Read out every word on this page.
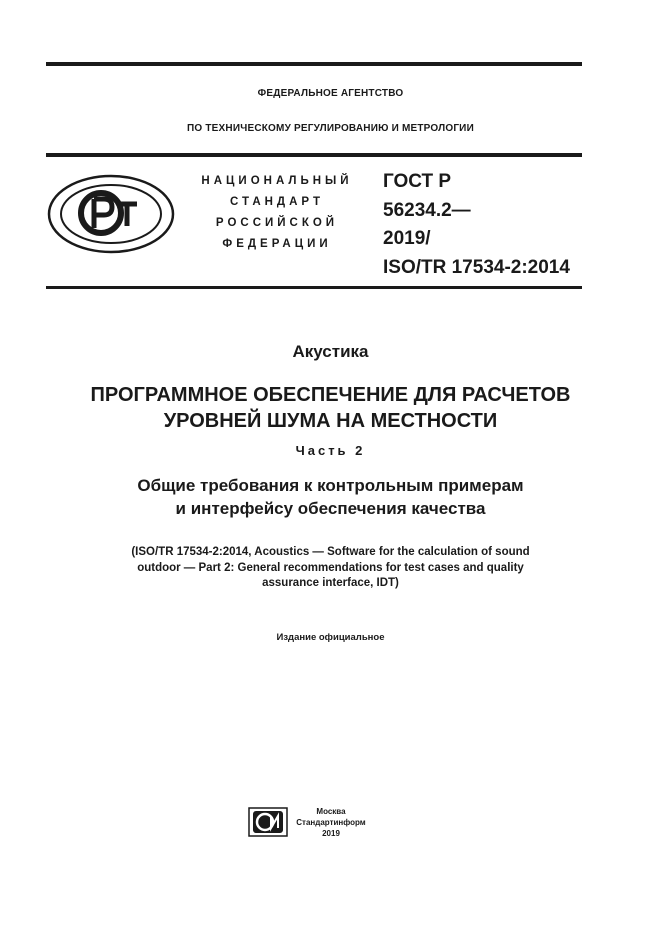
ФЕДЕРАЛЬНОЕ АГЕНТСТВО
ПО ТЕХНИЧЕСКОМУ РЕГУЛИРОВАНИЮ И МЕТРОЛОГИИ
НАЦИОНАЛЬНЫЙ
СТАНДАРТ
РОССИЙСКОЙ
ФЕДЕРАЦИИ
ГОСТ Р
56234.2—
2019/
ISO/TR 17534-2:2014
Акустика
ПРОГРАММНОЕ ОБЕСПЕЧЕНИЕ ДЛЯ РАСЧЕТОВ
УРОВНЕЙ ШУМА НА МЕСТНОСТИ
Часть 2
Общие требования к контрольным примерам
и интерфейсу обеспечения качества
(ISO/TR 17534-2:2014, Acoustics — Software for the calculation of sound
outdoor — Part 2: General recommendations for test cases and quality
assurance interface, IDT)
Издание официальное
Москва
Стандартинформ
2019
